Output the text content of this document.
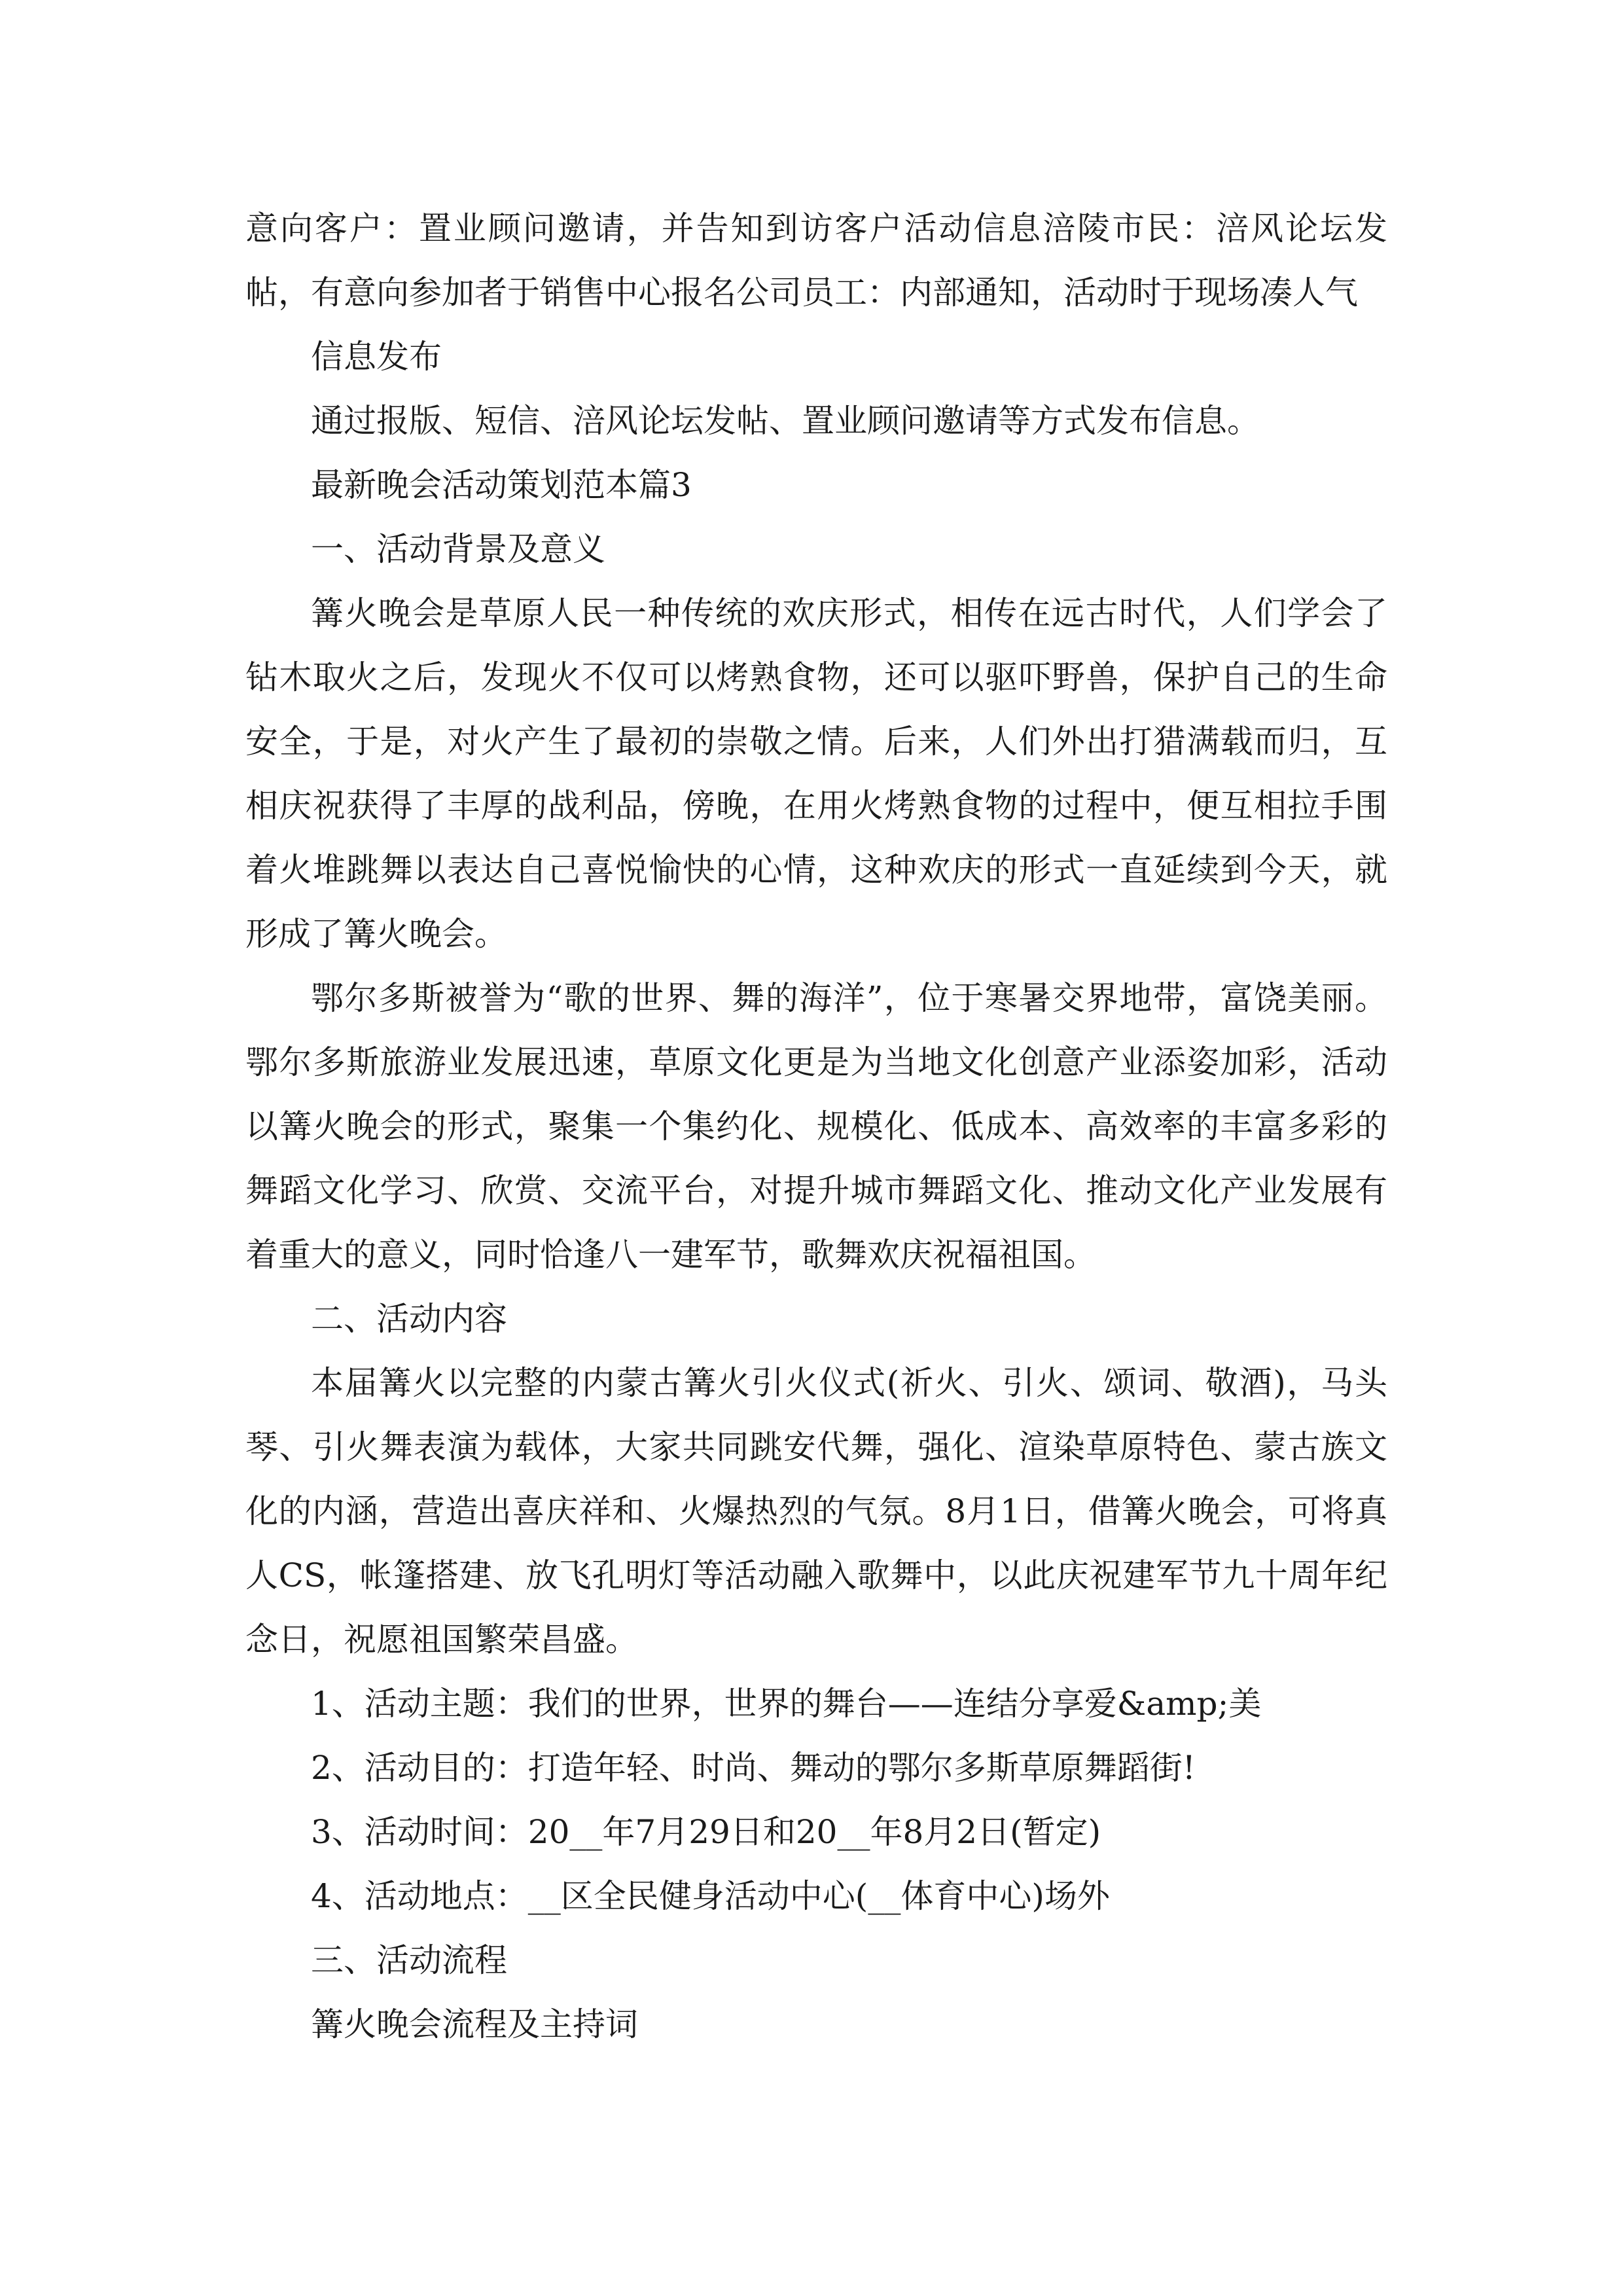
意向客户：置业顾问邀请，并告知到访客户活动信息涪陵市民：涪风论坛发帖，有意向参加者于销售中心报名公司员工：内部通知，活动时于现场凑人气

信息发布

通过报版、短信、涪风论坛发帖、置业顾问邀请等方式发布信息。

最新晚会活动策划范本篇3

一、活动背景及意义

篝火晚会是草原人民一种传统的欢庆形式，相传在远古时代，人们学会了钻木取火之后，发现火不仅可以烤熟食物，还可以驱吓野兽，保护自己的生命安全，于是，对火产生了最初的崇敬之情。后来，人们外出打猎满载而归，互相庆祝获得了丰厚的战利品，傍晚，在用火烤熟食物的过程中，便互相拉手围着火堆跳舞以表达自己喜悦愉快的心情，这种欢庆的形式一直延续到今天，就形成了篝火晚会。

鄂尔多斯被誉为“歌的世界、舞的海洋”，位于寒暑交界地带，富饶美丽。鄂尔多斯旅游业发展迅速，草原文化更是为当地文化创意产业添姿加彩，活动以篝火晚会的形式，聚集一个集约化、规模化、低成本、高效率的丰富多彩的舞蹈文化学习、欣赏、交流平台，对提升城市舞蹈文化、推动文化产业发展有着重大的意义，同时恰逢八一建军节，歌舞欢庆祝福祖国。

二、活动内容

本届篝火以完整的内蒙古篝火引火仪式(祈火、引火、颂词、敬酒)，马头琴、引火舞表演为载体，大家共同跳安代舞，强化、渲染草原特色、蒙古族文化的内涵，营造出喜庆祥和、火爆热烈的气氛。8月1日，借篝火晚会，可将真人CS，帐篷搭建、放飞孔明灯等活动融入歌舞中，以此庆祝建军节九十周年纪念日，祝愿祖国繁荣昌盛。

1、活动主题：我们的世界，世界的舞台——连结分享爱&amp;美

2、活动目的：打造年轻、时尚、舞动的鄂尔多斯草原舞蹈街!

3、活动时间：20__年7月29日和20__年8月2日(暂定)

4、活动地点：__区全民健身活动中心(__体育中心)场外

三、活动流程

篝火晚会流程及主持词
